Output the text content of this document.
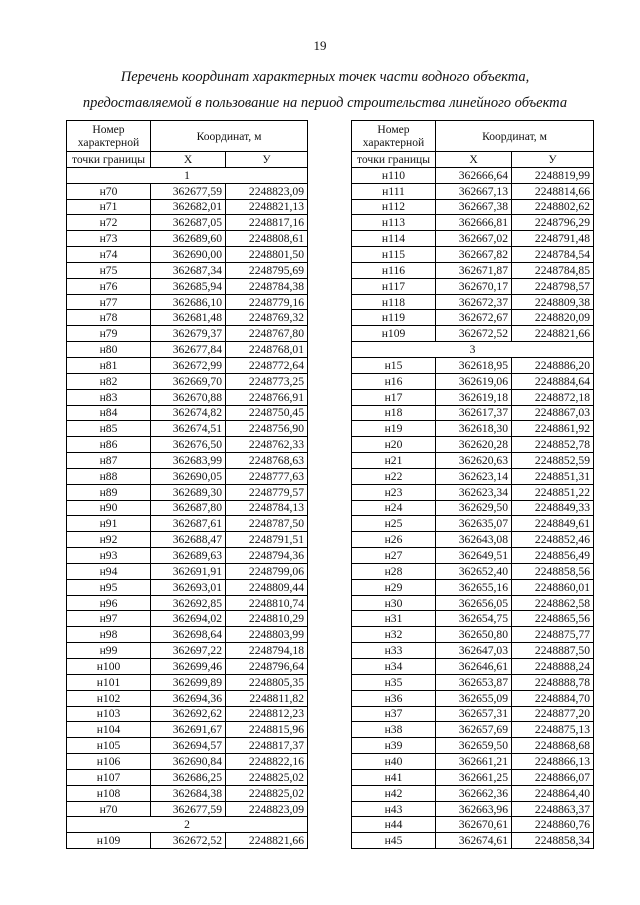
19
Перечень координат характерных точек части водного объекта,
предоставляемой в пользование на период строительства линейного объекта
Номер
характерной	Координат, м	

точки границы	X	У
1		
н70	362677,59	2248823,09
н71	362682,01	2248821,13
н72	362687,05	2248817,16
н73	362689,60	2248808,61
н74	362690,00	2248801,50
н75	362687,34	2248795,69
н76	362685,94	2248784,38
н77	362686,10	2248779,16
н78	362681,48	2248769,32
н79	362679,37	2248767,80
н80	362677,84	2248768,01
н81	362672,99	2248772,64
н82	362669,70	2248773,25
н83	362670,88	2248766,91
н84	362674,82	2248750,45
н85	362674,51	2248756,90
н86	362676,50	2248762,33
н87	362683,99	2248768,63
н88	362690,05	2248777,63
н89	362689,30	2248779,57
н90	362687,80	2248784,13
н91	362687,61	2248787,50
н92	362688,47	2248791,51
н93	362689,63	2248794,36
н94	362691,91	2248799,06
н95	362693,01	2248809,44
н96	362692,85	2248810,74
н97	362694,02	2248810,29
н98	362698,64	2248803,99
н99	362697,22	2248794,18
н100	362699,46	2248796,64
н101	362699,89	2248805,35
н102	362694,36	2248811,82
н103	362692,62	2248812,23
н104	362691,67	2248815,96
н105	362694,57	2248817,37
н106	362690,84	2248822,16
н107	362686,25	2248825,02
н108	362684,38	2248825,02
н70	362677,59	2248823,09
2		
н109	362672,52	2248821,66
Номер
характерной	Координат, м	

точки границы	X	У
н110	362666,64	2248819,99
н111	362667,13	2248814,66
н112	362667,38	2248802,62
н113	362666,81	2248796,29
н114	362667,02	2248791,48
н115	362667,82	2248784,54
н116	362671,87	2248784,85
н117	362670,17	2248798,57
н118	362672,37	2248809,38
н119	362672,67	2248820,09
н109	362672,52	2248821,66
3		
н15	362618,95	2248886,20
н16	362619,06	2248884,64
н17	362619,18	2248872,18
н18	362617,37	2248867,03
н19	362618,30	2248861,92
н20	362620,28	2248852,78
н21	362620,63	2248852,59
н22	362623,14	2248851,31
н23	362623,34	2248851,22
н24	362629,50	2248849,33
н25	362635,07	2248849,61
н26	362643,08	2248852,46
н27	362649,51	2248856,49
н28	362652,40	2248858,56
н29	362655,16	2248860,01
н30	362656,05	2248862,58
н31	362654,75	2248865,56
н32	362650,80	2248875,77
н33	362647,03	2248887,50
н34	362646,61	2248888,24
н35	362653,87	2248888,78
н36	362655,09	2248884,70
н37	362657,31	2248877,20
н38	362657,69	2248875,13
н39	362659,50	2248868,68
н40	362661,21	2248866,13
н41	362661,25	2248866,07
н42	362662,36	2248864,40
н43	362663,96	2248863,37
н44	362670,61	2248860,76
н45	362674,61	2248858,34
